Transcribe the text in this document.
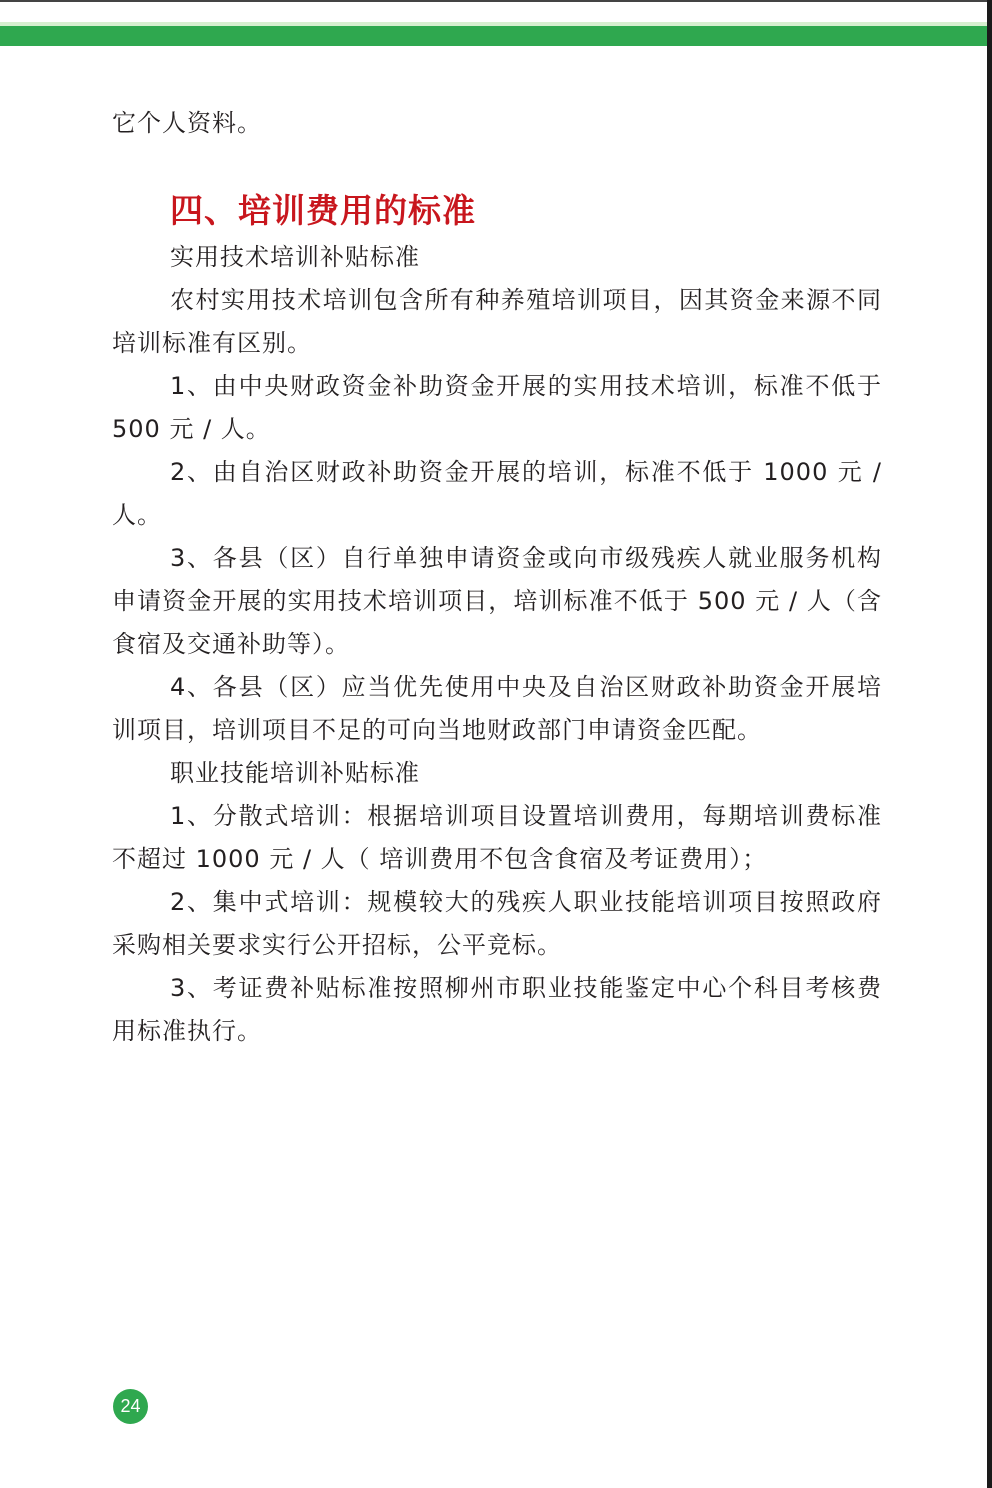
它个人资料。

四、培训费用的标准

实用技术培训补贴标准

农村实用技术培训包含所有种养殖培训项目，因其资金来源不同培训标准有区别。

1、由中央财政资金补助资金开展的实用技术培训，标准不低于 500 元 / 人。

2、由自治区财政补助资金开展的培训，标准不低于 1000 元 / 人。

3、各县（区）自行单独申请资金或向市级残疾人就业服务机构申请资金开展的实用技术培训项目，培训标准不低于 500 元 / 人（含食宿及交通补助等）。

4、各县（区）应当优先使用中央及自治区财政补助资金开展培训项目，培训项目不足的可向当地财政部门申请资金匹配。

职业技能培训补贴标准

1、分散式培训：根据培训项目设置培训费用，每期培训费标准不超过 1000 元 / 人（ 培训费用不包含食宿及考证费用）；

2、集中式培训：规模较大的残疾人职业技能培训项目按照政府采购相关要求实行公开招标，公平竞标。

3、考证费补贴标准按照柳州市职业技能鉴定中心个科目考核费用标准执行。

24
